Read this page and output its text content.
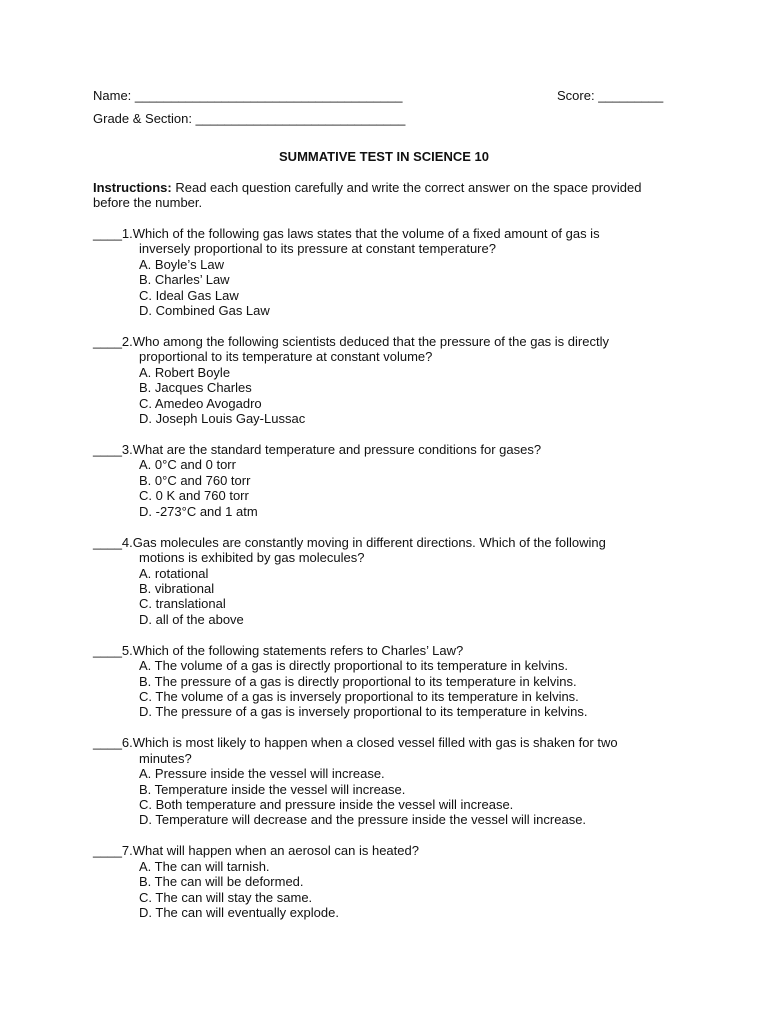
Name: _____________________________________	Score: _________
Grade & Section: _____________________________
SUMMATIVE TEST IN SCIENCE 10
Instructions: Read each question carefully and write the correct answer on the space provided before the number.
____ 1. Which of the following gas laws states that the volume of a fixed amount of gas is
inversely proportional to its pressure at constant temperature?
A. Boyle’s Law
B. Charles’ Law
C. Ideal Gas Law
D. Combined Gas Law
____ 2. Who among the following scientists deduced that the pressure of the gas is directly
proportional to its temperature at constant volume?
A. Robert Boyle
B. Jacques Charles
C. Amedeo Avogadro
D. Joseph Louis Gay-Lussac
____ 3. What are the standard temperature and pressure conditions for gases?
A. 0°C and 0 torr
B. 0°C and 760 torr
C. 0 K and 760 torr
D. -273°C and 1 atm
____ 4. Gas molecules are constantly moving in different directions. Which of the following
motions is exhibited by gas molecules?
A. rotational
B. vibrational
C. translational
D. all of the above
____ 5. Which of the following statements refers to Charles’ Law?
A. The volume of a gas is directly proportional to its temperature in kelvins.
B. The pressure of a gas is directly proportional to its temperature in kelvins.
C. The volume of a gas is inversely proportional to its temperature in kelvins.
D. The pressure of a gas is inversely proportional to its temperature in kelvins.
____ 6. Which is most likely to happen when a closed vessel filled with gas is shaken for two
minutes?
A. Pressure inside the vessel will increase.
B. Temperature inside the vessel will increase.
C. Both temperature and pressure inside the vessel will increase.
D. Temperature will decrease and the pressure inside the vessel will increase.
____ 7. What will happen when an aerosol can is heated?
A. The can will tarnish.
B. The can will be deformed.
C. The can will stay the same.
D. The can will eventually explode.
